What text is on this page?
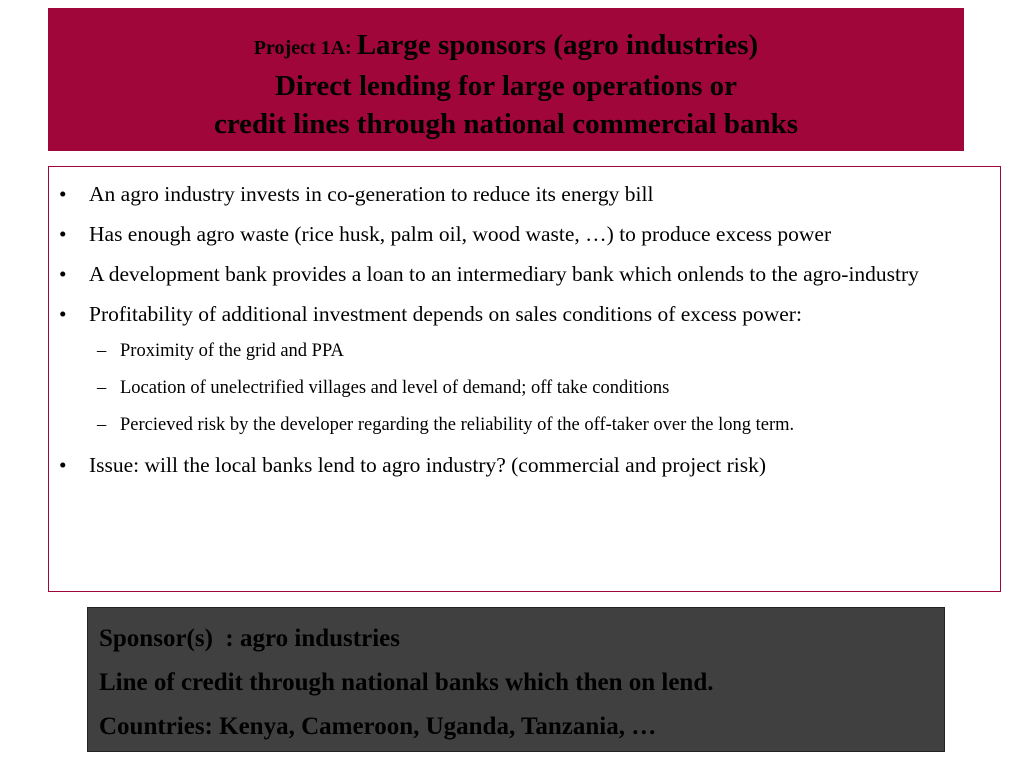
Project 1A: Large sponsors (agro industries)
Direct lending for large operations or
credit lines through national commercial banks
• An agro industry invests in co-generation to reduce its energy bill
• Has enough agro waste (rice husk, palm oil, wood waste, …) to produce excess power
• A development bank provides a loan to an intermediary bank which onlends to the agro-industry
• Profitability of additional investment depends on sales conditions of excess power:
– Proximity of the grid and PPA
– Location of unelectrified villages and level of demand; off take conditions
– Percieved risk by the developer regarding the reliability of the off-taker over the long term.
• Issue: will the local banks lend to agro industry? (commercial and project risk)
Sponsor(s)  : agro industries
Line of credit through national banks which then on lend.
Countries: Kenya, Cameroon, Uganda, Tanzania, …
